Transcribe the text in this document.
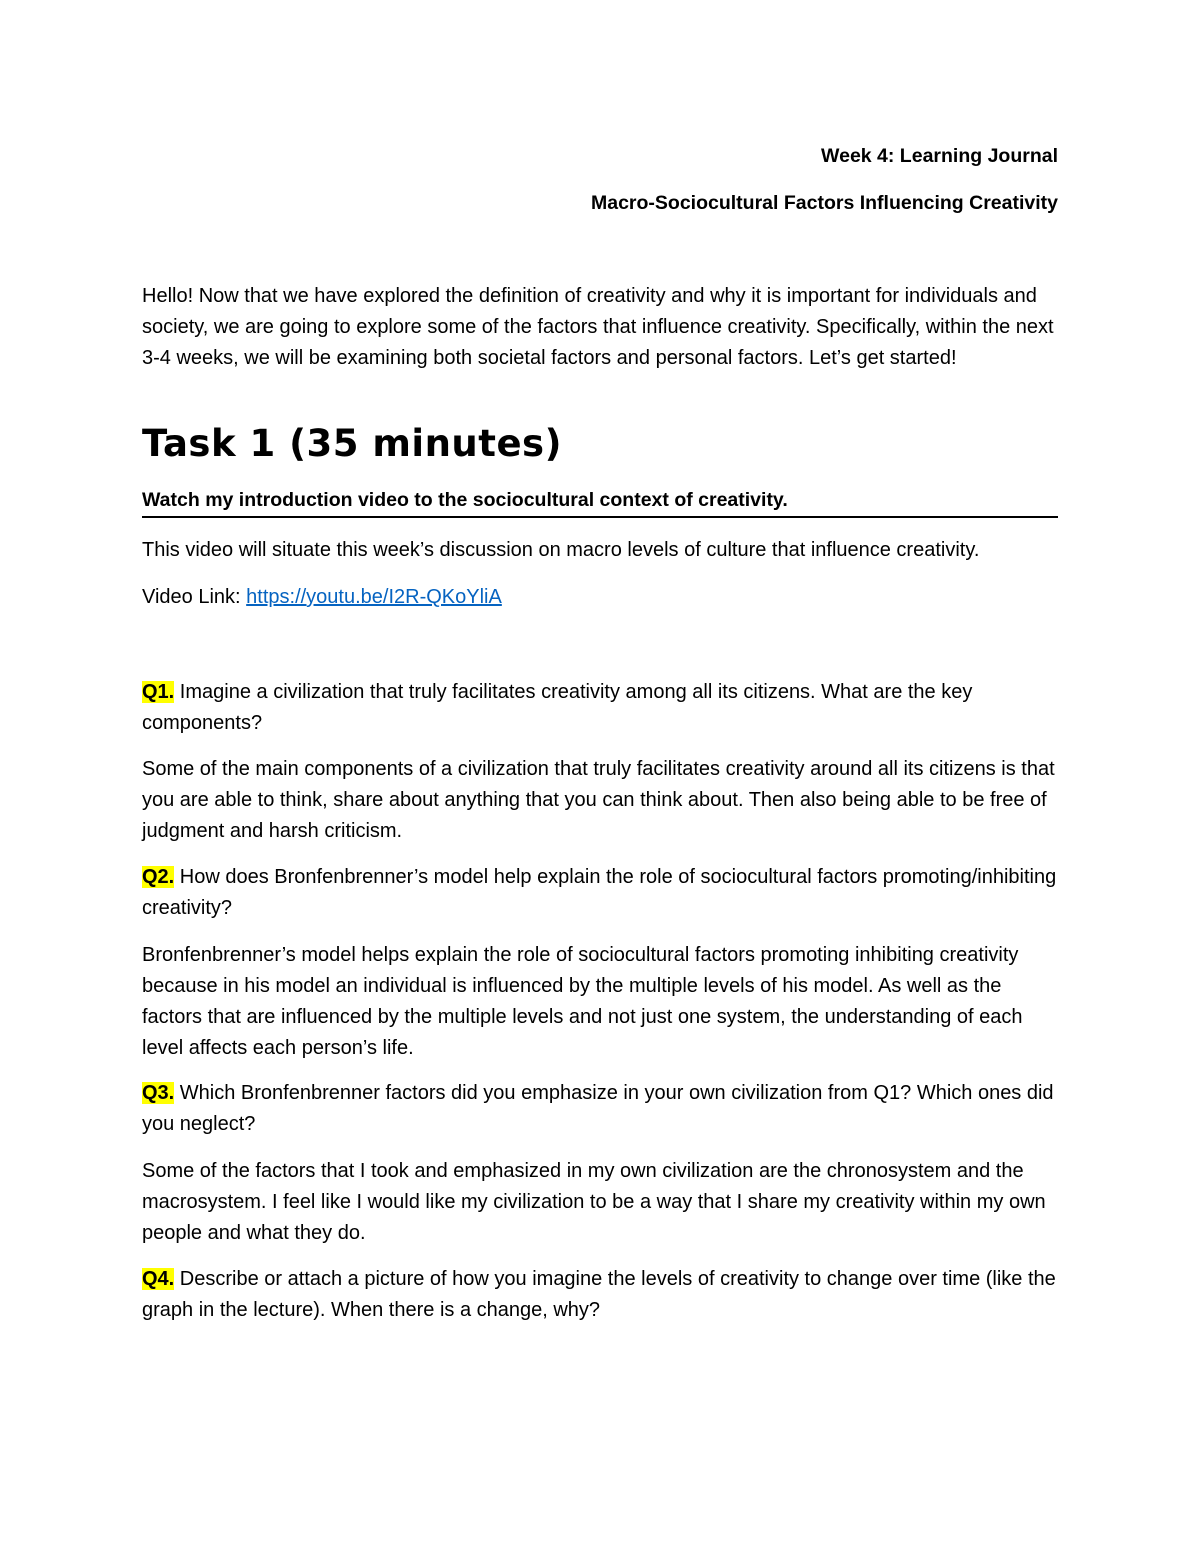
Week 4: Learning Journal
Macro-Sociocultural Factors Influencing Creativity
Hello! Now that we have explored the definition of creativity and why it is important for individuals and society, we are going to explore some of the factors that influence creativity. Specifically, within the next 3-4 weeks, we will be examining both societal factors and personal factors. Let’s get started!
Task 1 (35 minutes)
Watch my introduction video to the sociocultural context of creativity.
This video will situate this week’s discussion on macro levels of culture that influence creativity.
Video Link: https://youtu.be/I2R-QKoYliA
Q1. Imagine a civilization that truly facilitates creativity among all its citizens. What are the key components?
Some of the main components of a civilization that truly facilitates creativity around all its citizens is that you are able to think, share about anything that you can think about. Then also being able to be free of judgment and harsh criticism.
Q2. How does Bronfenbrenner’s model help explain the role of sociocultural factors promoting/inhibiting creativity?
Bronfenbrenner’s model helps explain the role of sociocultural factors promoting inhibiting creativity because in his model an individual is influenced by the multiple levels of his model. As well as the factors that are influenced by the multiple levels and not just one system, the understanding of each level affects each person’s life.
Q3. Which Bronfenbrenner factors did you emphasize in your own civilization from Q1? Which ones did you neglect?
Some of the factors that I took and emphasized in my own civilization are the chronosystem and the macrosystem. I feel like I would like my civilization to be a way that I share my creativity within my own people and what they do.
Q4. Describe or attach a picture of how you imagine the levels of creativity to change over time (like the graph in the lecture). When there is a change, why?
